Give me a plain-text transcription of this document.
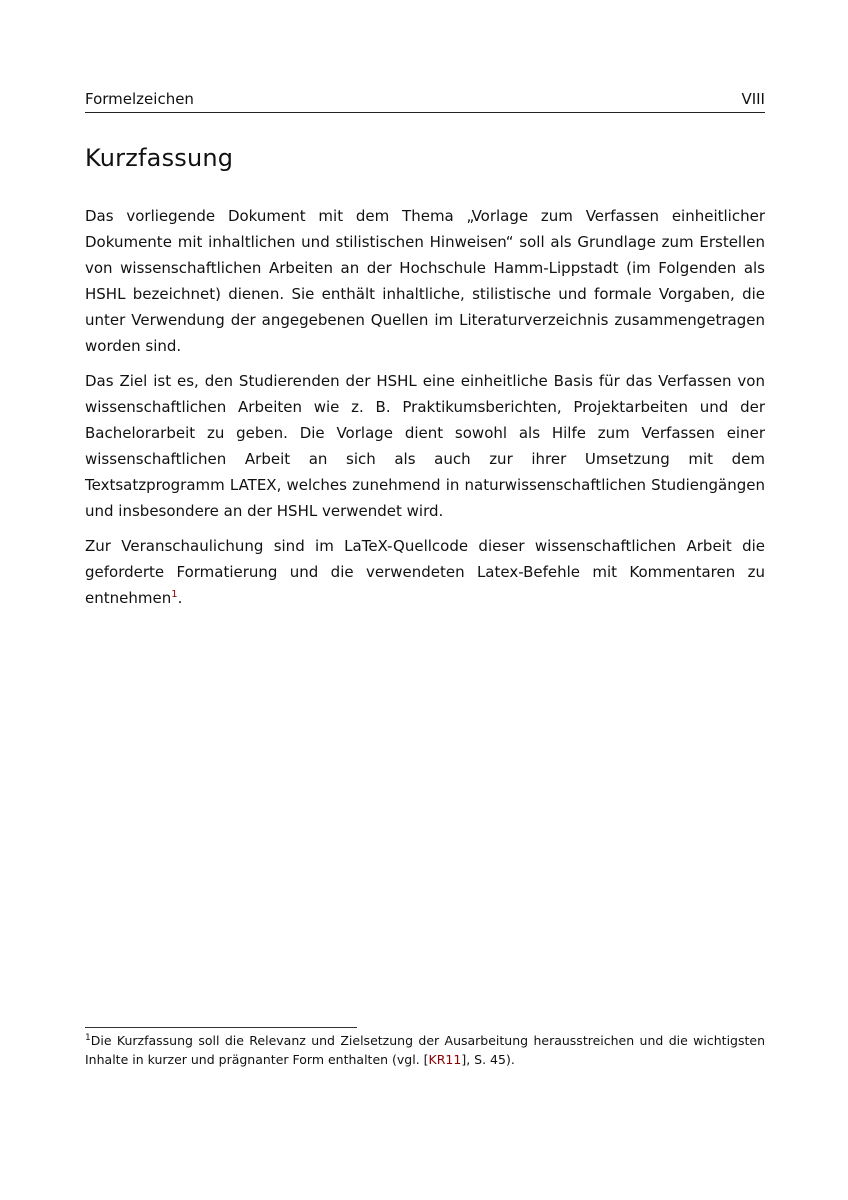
Formelzeichen	VIII
Kurzfassung

Das vorliegende Dokument mit dem Thema „Vorlage zum Verfassen einheitlicher Dokumente mit inhaltlichen und stilistischen Hinweisen“ soll als Grundlage zum Erstellen von wissenschaftlichen Arbeiten an der Hochschule Hamm-Lippstadt (im Folgenden als HSHL bezeichnet) dienen. Sie enthält inhaltliche, stilistische und formale Vorgaben, die unter Verwendung der angegebenen Quellen im Literaturverzeichnis zusammengetragen worden sind.

Das Ziel ist es, den Studierenden der HSHL eine einheitliche Basis für das Verfassen von wissenschaftlichen Arbeiten wie z. B. Praktikumsberichten, Projektarbeiten und der Bachelorarbeit zu geben. Die Vorlage dient sowohl als Hilfe zum Verfassen einer wissenschaftlichen Arbeit an sich als auch zur ihrer Umsetzung mit dem Textsatzprogramm LATEX, welches zunehmend in naturwissenschaftlichen Studiengängen und insbesondere an der HSHL verwendet wird.

Zur Veranschaulichung sind im LaTeX-Quellcode dieser wissenschaftlichen Arbeit die geforderte Formatierung und die verwendeten Latex-Befehle mit Kommentaren zu entnehmen$^1$.

$^1$Die Kurzfassung soll die Relevanz und Zielsetzung der Ausarbeitung herausstreichen und die wichtigsten Inhalte in kurzer und prägnanter Form enthalten (vgl. [KR11], S. 45).
